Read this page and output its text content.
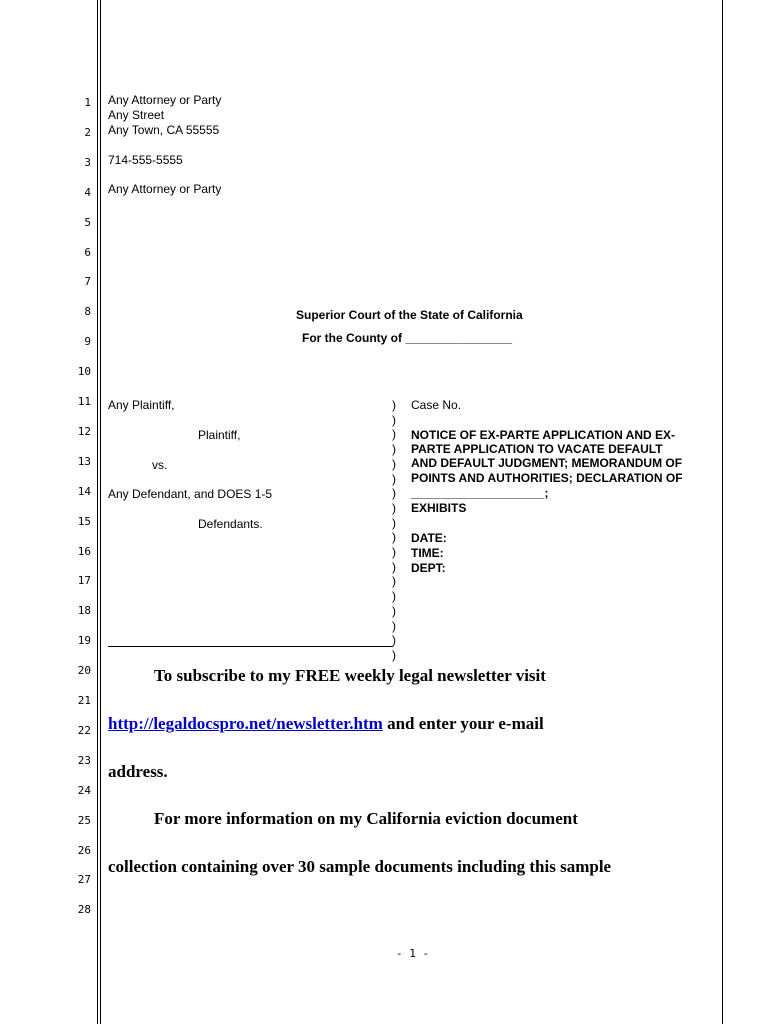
1
2
3
4
5
6
7
8
9
10
11
12
13
14
15
16
17
18
19
20
21
22
23
24
25
26
27
28
Any Attorney or Party
Any Street
Any Town, CA 55555
714-555-5555
Any Attorney or Party
Superior Court of the State of California
For the County of ________________
Any Plaintiff,
Plaintiff,
vs.
Any Defendant, and DOES 1-5
Defendants.
)
)
)
)
)
)
)
)
)
)
)
)
)
)
)
)
)
)
Case No.
NOTICE OF EX-PARTE APPLICATION AND EX-
PARTE APPLICATION TO VACATE DEFAULT
AND DEFAULT JUDGMENT; MEMORANDUM OF
POINTS AND AUTHORITIES; DECLARATION OF
____________________;
EXHIBITS
DATE:
TIME:
DEPT:
To subscribe to my FREE weekly legal newsletter visit
http://legaldocspro.net/newsletter.htm and enter your e-mail
address.
For more information on my California eviction document
collection containing over 30 sample documents including this sample
- 1 -
